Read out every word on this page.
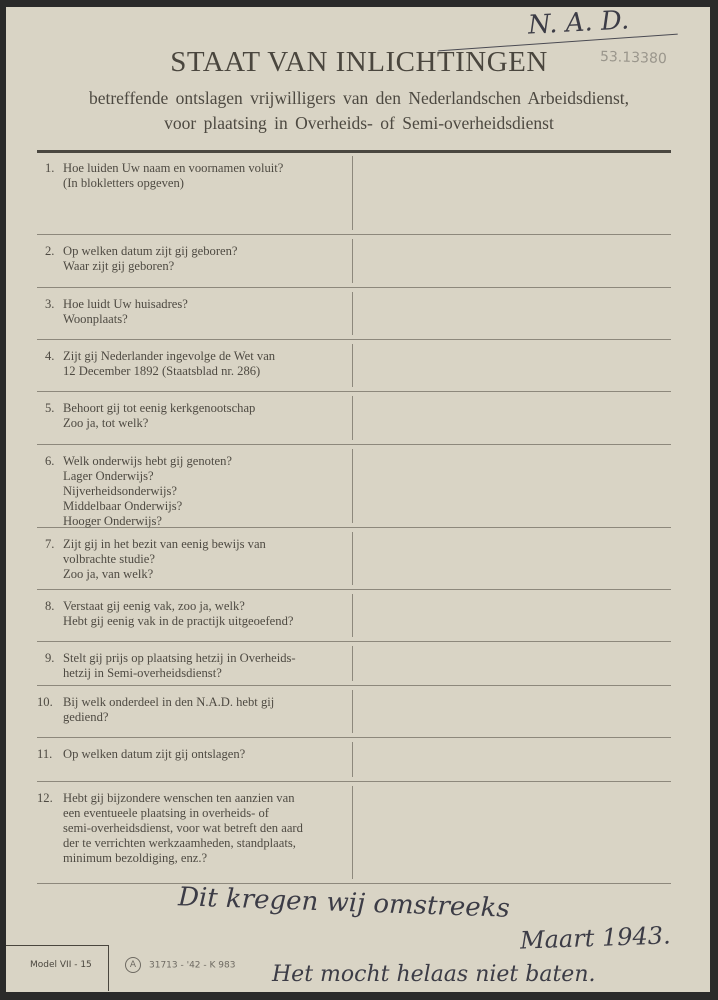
N. A. D.
53.13380
STAAT VAN INLICHTINGEN
betreffende ontslagen vrijwilligers van den Nederlandschen Arbeidsdienst,
voor plaatsing in Overheids- of Semi-overheidsdienst
1. Hoe luiden Uw naam en voornamen voluit?

(In blokletters opgeven)
2. Op welken datum zijt gij geboren?

Waar zijt gij geboren?
3. Hoe luidt Uw huisadres?

Woonplaats?
4. Zijt gij Nederlander ingevolge de Wet van

12 December 1892 (Staatsblad nr. 286)
5. Behoort gij tot eenig kerkgenootschap

Zoo ja, tot welk?
6. Welk onderwijs hebt gij genoten?

Lager Onderwijs?
Nijverheidsonderwijs?
Middelbaar Onderwijs?
Hooger Onderwijs?
7. Zijt gij in het bezit van eenig bewijs van

volbrachte studie?
Zoo ja, van welk?
8. Verstaat gij eenig vak, zoo ja, welk?

Hebt gij eenig vak in de practijk uitgeoefend?
9. Stelt gij prijs op plaatsing hetzij in Overheids-

hetzij in Semi-overheidsdienst?
10. Bij welk onderdeel in den N.A.D. hebt gij

gediend?
11. Op welken datum zijt gij ontslagen?

12. Hebt gij bijzondere wenschen ten aanzien van

een eventueele plaatsing in overheids- of
semi-overheidsdienst, voor wat betreft den aard
der te verrichten werkzaamheden, standplaats,
minimum bezoldiging, enz.?
Dit kregen wij omstreeks
Maart 1943.
Het mocht helaas niet baten.
Model VII - 15	A 31713 - '42 - K 983
